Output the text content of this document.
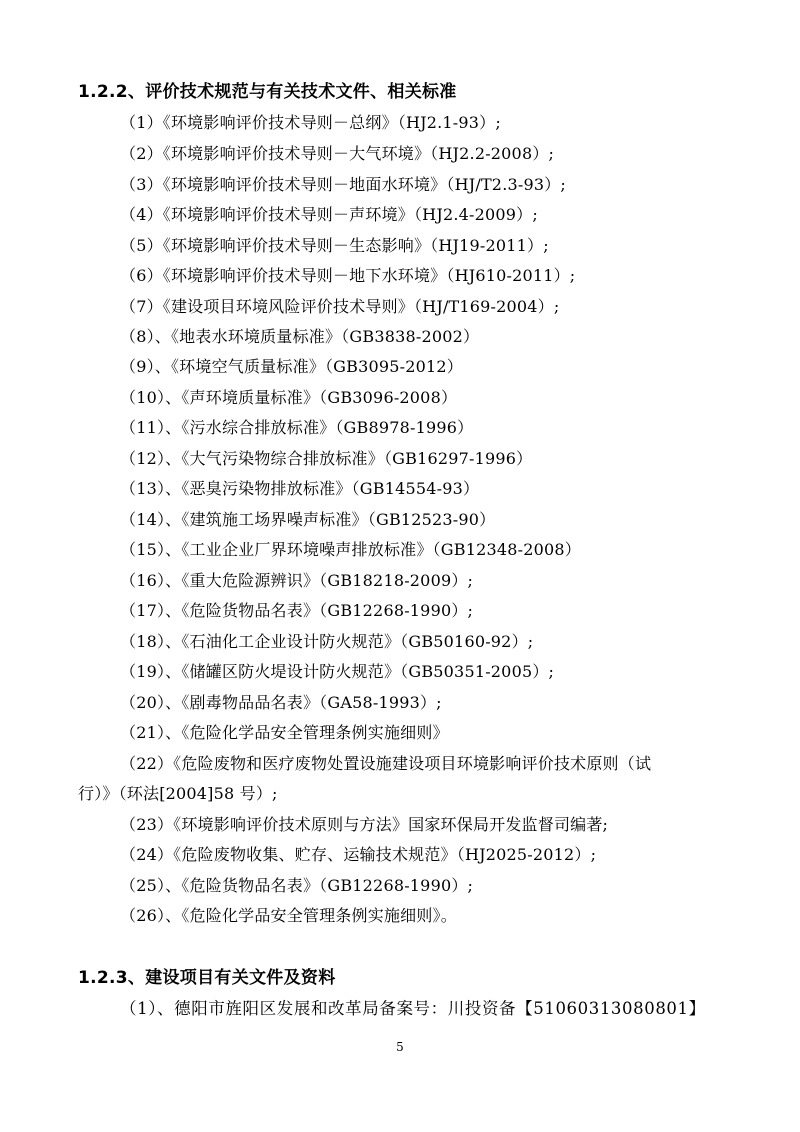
1.2.2、评价技术规范与有关技术文件、相关标准
（1）《环境影响评价技术导则－总纲》（HJ2.1-93）;
（2）《环境影响评价技术导则－大气环境》（HJ2.2-2008）;
（3）《环境影响评价技术导则－地面水环境》（HJ/T2.3-93）;
（4）《环境影响评价技术导则－声环境》（HJ2.4-2009）;
（5）《环境影响评价技术导则－生态影响》（HJ19-2011）;
（6）《环境影响评价技术导则－地下水环境》（HJ610-2011）;
（7）《建设项目环境风险评价技术导则》（HJ/T169-2004）;
（8）、《地表水环境质量标准》（GB3838-2002）
（9）、《环境空气质量标准》（GB3095-2012）
（10）、《声环境质量标准》（GB3096-2008）
（11）、《污水综合排放标准》（GB8978-1996）
（12）、《大气污染物综合排放标准》（GB16297-1996）
（13）、《恶臭污染物排放标准》（GB14554-93）
（14）、《建筑施工场界噪声标准》（GB12523-90）
（15）、《工业企业厂界环境噪声排放标准》（GB12348-2008）
（16）、《重大危险源辨识》（GB18218-2009）;
（17）、《危险货物品名表》（GB12268-1990）;
（18）、《石油化工企业设计防火规范》（GB50160-92）;
（19）、《储罐区防火堤设计防火规范》（GB50351-2005）;
（20）、《剧毒物品品名表》（GA58-1993）;
（21）、《危险化学品安全管理条例实施细则》
（22）《危险废物和医疗废物处置设施建设项目环境影响评价技术原则（试
行）》（环法[2004]58 号）;
（23）《环境影响评价技术原则与方法》国家环保局开发监督司编著;
（24）《危险废物收集、贮存、运输技术规范》（HJ2025-2012）;
（25）、《危险货物品名表》（GB12268-1990）;
（26）、《危险化学品安全管理条例实施细则》。
1.2.3、建设项目有关文件及资料
（1）、德阳市旌阳区发展和改革局备案号：川投资备【51060313080801】
5
